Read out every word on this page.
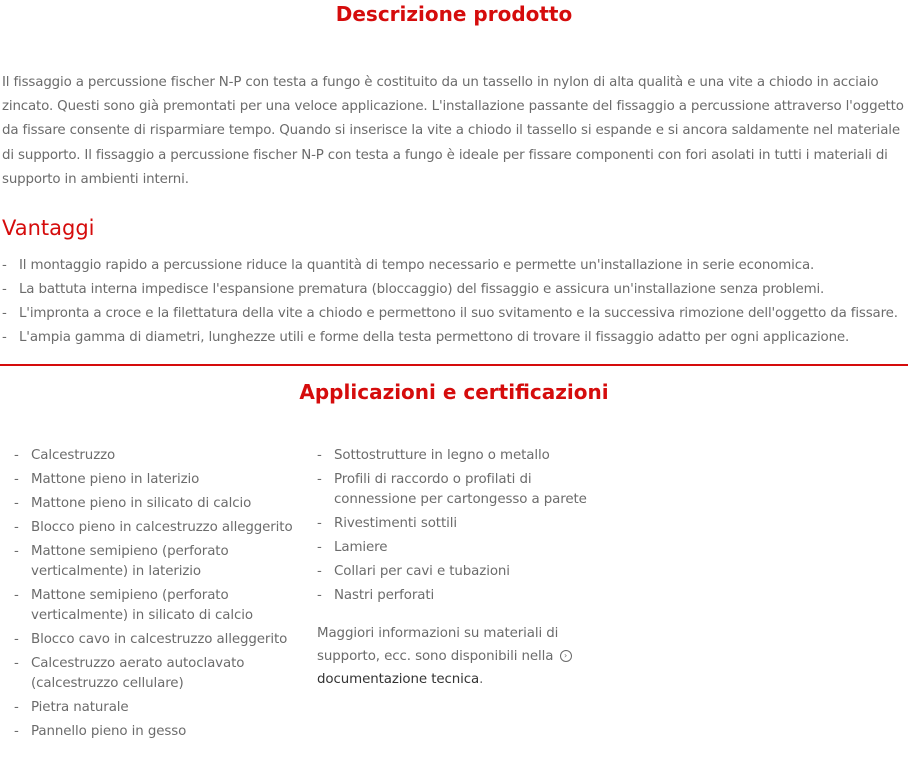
Descrizione prodotto

Il fissaggio a percussione fischer N-P con testa a fungo è costituito da un tassello in nylon di alta qualità e una vite a chiodo in acciaio zincato. Questi sono già premontati per una veloce applicazione. L'installazione passante del fissaggio a percussione attraverso l'oggetto da fissare consente di risparmiare tempo. Quando si inserisce la vite a chiodo il tassello si espande e si ancora saldamente nel materiale di supporto. Il fissaggio a percussione fischer N-P con testa a fungo è ideale per fissare componenti con fori asolati in tutti i materiali di supporto in ambienti interni.

Vantaggi
- Il montaggio rapido a percussione riduce la quantità di tempo necessario e permette un'installazione in serie economica.
- La battuta interna impedisce l'espansione prematura (bloccaggio) del fissaggio e assicura un'installazione senza problemi.
- L'impronta a croce e la filettatura della vite a chiodo e permettono il suo svitamento e la successiva rimozione dell'oggetto da fissare.
- L'ampia gamma di diametri, lunghezze utili e forme della testa permettono di trovare il fissaggio adatto per ogni applicazione.
Applicazioni e certificazioni
- Calcestruzzo
- Mattone pieno in laterizio
- Mattone pieno in silicato di calcio
- Blocco pieno in calcestruzzo alleggerito
- Mattone semipieno (perforato verticalmente) in laterizio
- Mattone semipieno (perforato verticalmente) in silicato di calcio
- Blocco cavo in calcestruzzo alleggerito
- Calcestruzzo aerato autoclavato (calcestruzzo cellulare)
- Pietra naturale
- Pannello pieno in gesso
- Sottostrutture in legno o metallo
- Profili di raccordo o profilati di connessione per cartongesso a parete
- Rivestimenti sottili
- Lamiere
- Collari per cavi e tubazioni
- Nastri perforati

Maggiori informazioni su materiali di supporto, ecc. sono disponibili nella › documentazione tecnica.
